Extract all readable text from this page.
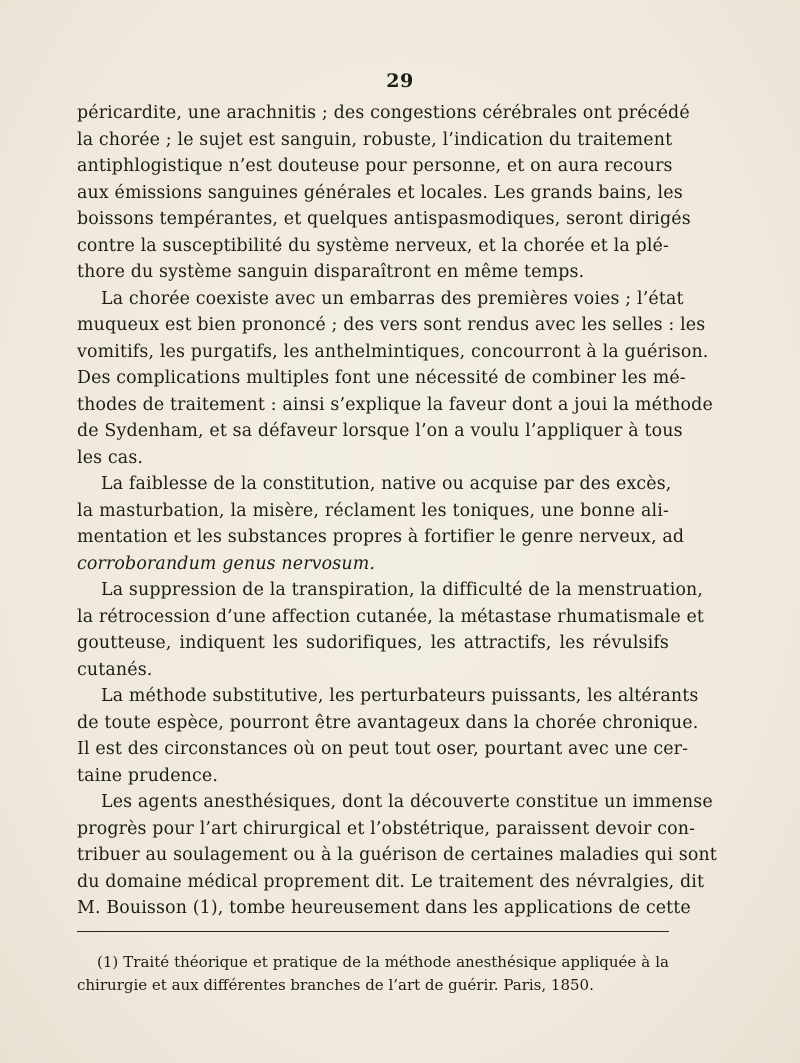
29
péricardite, une arachnitis ; des congestions cérébrales ont précédé
la chorée ; le sujet est sanguin, robuste, l’indication du traitement
antiphlogistique n’est douteuse pour personne, et on aura recours
aux émissions sanguines générales et locales. Les grands bains, les
boissons tempérantes, et quelques antispasmodiques, seront dirigés
contre la susceptibilité du système nerveux, et la chorée et la plé-
thore du système sanguin disparaîtront en même temps.
La chorée coexiste avec un embarras des premières voies ; l’état
muqueux est bien prononcé ; des vers sont rendus avec les selles : les
vomitifs, les purgatifs, les anthelmintiques, concourront à la guérison.
Des complications multiples font une nécessité de combiner les mé-
thodes de traitement : ainsi s’explique la faveur dont a joui la méthode
de Sydenham, et sa défaveur lorsque l’on a voulu l’appliquer à tous
les cas.
La faiblesse de la constitution, native ou acquise par des excès,
la masturbation, la misère, réclament les toniques, une bonne ali-
mentation et les substances propres à fortifier le genre nerveux, ad
corroborandum genus nervosum.
La suppression de la transpiration, la difficulté de la menstruation,
la rétrocession d’une affection cutanée, la métastase rhumatismale et
goutteuse, indiquent les sudorifiques, les attractifs, les révulsifs
cutanés.
La méthode substitutive, les perturbateurs puissants, les altérants
de toute espèce, pourront être avantageux dans la chorée chronique.
Il est des circonstances où on peut tout oser, pourtant avec une cer-
taine prudence.
Les agents anesthésiques, dont la découverte constitue un immense
progrès pour l’art chirurgical et l’obstétrique, paraissent devoir con-
tribuer au soulagement ou à la guérison de certaines maladies qui sont
du domaine médical proprement dit. Le traitement des névralgies, dit
M. Bouisson (1), tombe heureusement dans les applications de cette
(1) Traité théorique et pratique de la méthode anesthésique appliquée à la
chirurgie et aux différentes branches de l’art de guérir. Paris, 1850.
